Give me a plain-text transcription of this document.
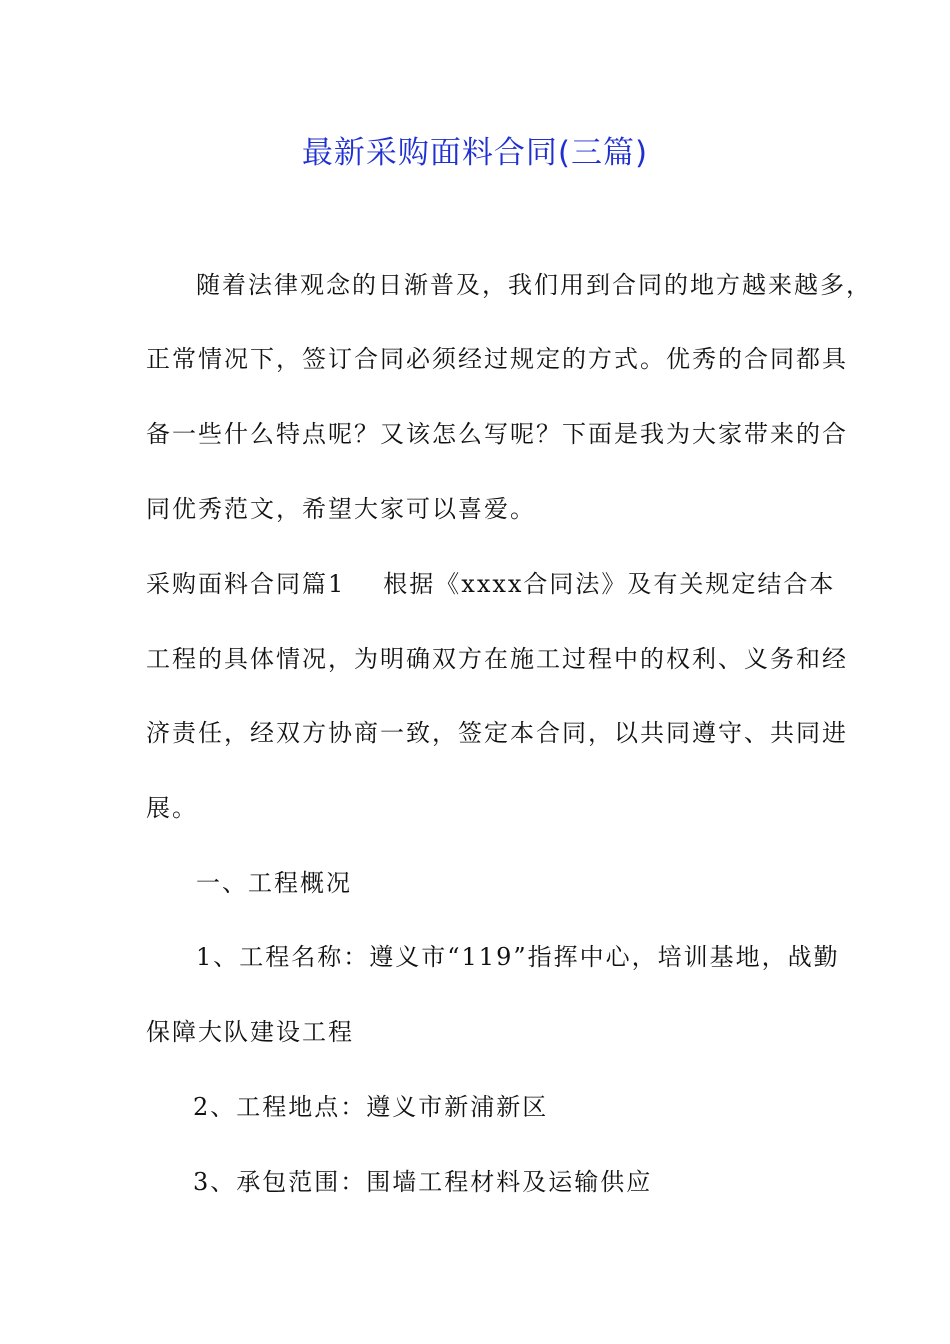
最新采购面料合同(三篇)

随着法律观念的日渐普及，我们用到合同的地方越来越多，

正常情况下，签订合同必须经过规定的方式。优秀的合同都具

备一些什么特点呢？又该怎么写呢？下面是我为大家带来的合

同优秀范文，希望大家可以喜爱。

采购面料合同篇1 根据《xxxx合同法》及有关规定结合本

工程的具体情况，为明确双方在施工过程中的权利、义务和经

济责任，经双方协商一致，签定本合同，以共同遵守、共同进

展。

一、工程概况

1、工程名称：遵义市“119”指挥中心，培训基地，战勤

保障大队建设工程

2、工程地点：遵义市新浦新区

3、承包范围：围墙工程材料及运输供应
